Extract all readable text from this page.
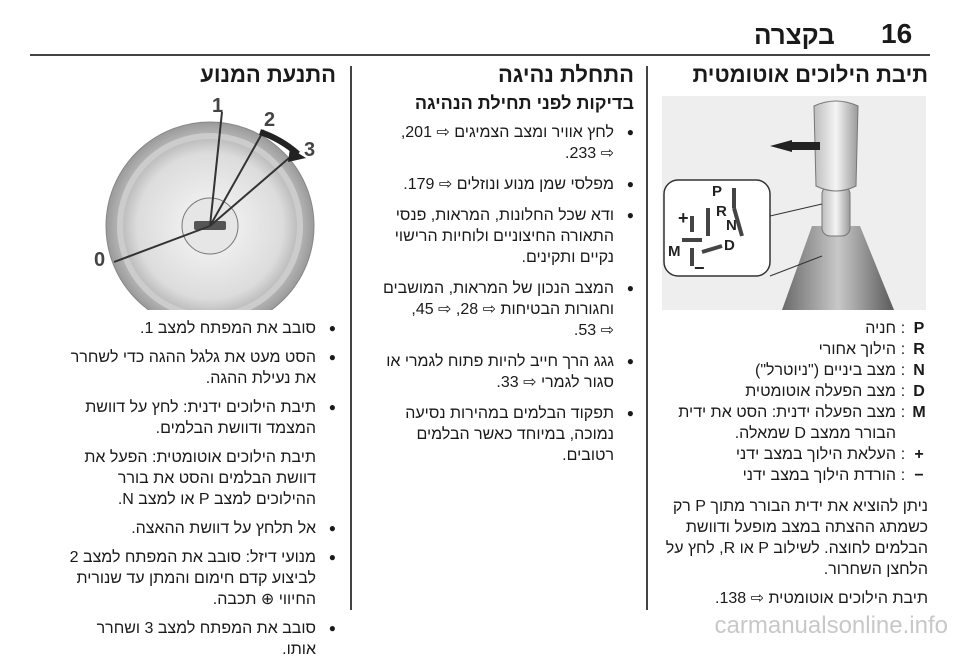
16
בקצרה
תיבת הילוכים אוטומטית
P
R
N
D
M
+
−
P
:
חניה
R
:
הילוך אחורי
N
:
מצב ביניים ("ניוטרל")
D
:
מצב הפעלה אוטומטית
M
:
מצב הפעלה ידנית: הסט את ידית
הבורר ממצב D שמאלה.
+
:
העלאת הילוך במצב ידני
−
:
הורדת הילוך במצב ידני

ניתן להוציא את ידית הבורר מתוך P רק
כשמתג ההצתה במצב מופעל ודוושת
הבלמים לחוצה. לשילוב P או R, לחץ על
הלחצן השחרור.

תיבת הילוכים אוטומטית ⇨ 138.

התחלת נהיגה
בדיקות לפני תחילת הנהיגה
● לחץ אוויר ומצב הצמיגים ⇨ 201,
⇨ 233.
● מפלסי שמן מנוע ונוזלים ⇨ 179.
● ודא שכל החלונות, המראות, פנסי
התאורה החיצוניים ולוחיות הרישוי
נקיים ותקינים.
● המצב הנכון של המראות, המושבים
וחגורות הבטיחות ⇨ 28, ⇨ 45,
⇨ 53.
● גגג הרך חייב להיות פתוח לגמרי או
סגור לגמרי ⇨ 33.
● תפקוד הבלמים במהירות נסיעה
נמוכה, במיוחד כאשר הבלמים
רטובים.
התנעת המנוע
0
1
2
3
● סובב את המפתח למצב 1.
● הסט מעט את גלגל ההגה כדי לשחרר
את נעילת ההגה.
● תיבת הילוכים ידנית: לחץ על דוושת
המצמד ודוושת הבלמים.

תיבת הילוכים אוטומטית: הפעל את
דוושת הבלמים והסט את בורר
ההילוכים למצב P או למצב N.

● אל תלחץ על דוושת ההאצה.
● מנועי דיזל: סובב את המפתח למצב 2
לביצוע קדם חימום והמתן עד שנורית
החיווי ⊕ תכבה.
● סובב את המפתח למצב 3 ושחרר
אותו.
carmanualsonline.info
